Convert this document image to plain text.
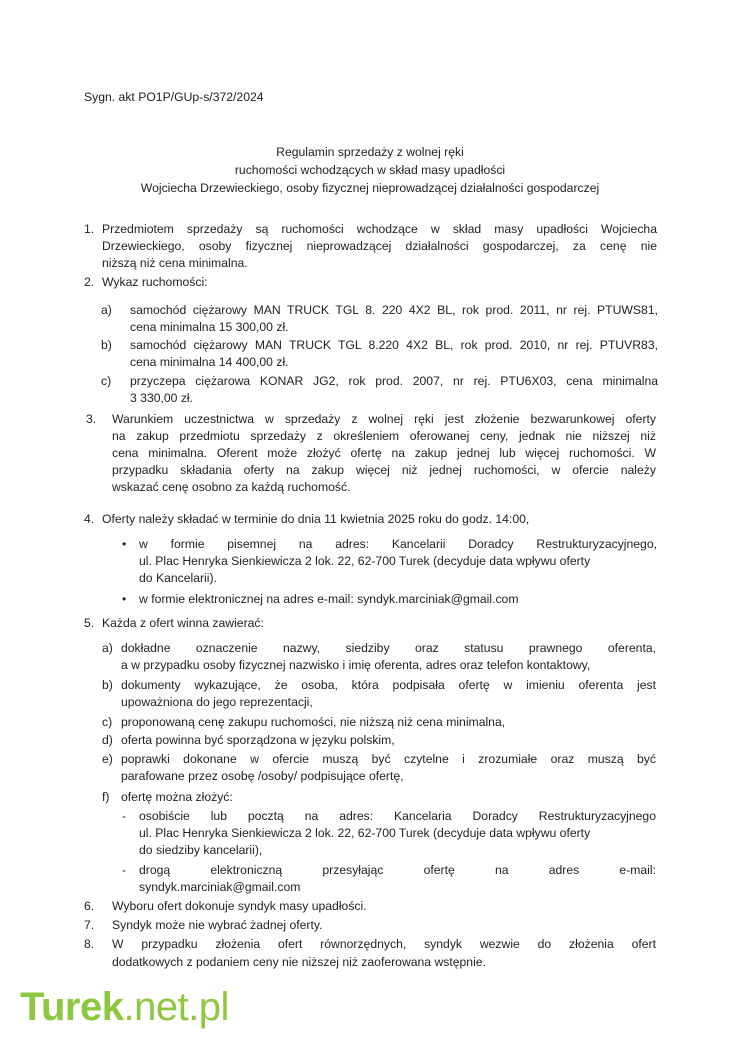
Sygn. akt PO1P/GUp-s/372/2024
Regulamin sprzedaży z wolnej ręki
ruchomości wchodzących w skład masy upadłości
Wojciecha Drzewieckiego, osoby fizycznej nieprowadzącej działalności gospodarczej
1. Przedmiotem sprzedaży są ruchomości wchodzące w skład masy upadłości Wojciecha
Drzewieckiego, osoby fizycznej nieprowadzącej działalności gospodarczej, za cenę nie
niższą niż cena minimalna.
2. Wykaz ruchomości:
a) samochód ciężarowy MAN TRUCK TGL 8. 220 4X2 BL, rok prod. 2011, nr rej. PTUWS81,
cena minimalna 15 300,00 zł.
b) samochód ciężarowy MAN TRUCK TGL 8.220 4X2 BL, rok prod. 2010, nr rej. PTUVR83,
cena minimalna 14 400,00 zł.
c) przyczepa ciężarowa KONAR JG2, rok prod. 2007, nr rej. PTU6X03, cena minimalna
3 330,00 zł.
3. Warunkiem uczestnictwa w sprzedaży z wolnej ręki jest złożenie bezwarunkowej oferty
na zakup przedmiotu sprzedaży z określeniem oferowanej ceny, jednak nie niższej niż
cena minimalna. Oferent może złożyć ofertę na zakup jednej lub więcej ruchomości. W
przypadku składania oferty na zakup więcej niż jednej ruchomości, w ofercie należy
wskazać cenę osobno za każdą ruchomość.
4. Oferty należy składać w terminie do dnia 11 kwietnia 2025 roku do godz. 14:00,
• w formie pisemnej na adres: Kancelarii Doradcy Restrukturyzacyjnego,
ul. Plac Henryka Sienkiewicza 2 lok. 22, 62-700 Turek (decyduje data wpływu oferty
do Kancelarii).
• w formie elektronicznej na adres e-mail: syndyk.marciniak@gmail.com
5. Każda z ofert winna zawierać:
a) dokładne oznaczenie nazwy, siedziby oraz statusu prawnego oferenta,
a w przypadku osoby fizycznej nazwisko i imię oferenta, adres oraz telefon kontaktowy,
b) dokumenty wykazujące, że osoba, która podpisała ofertę w imieniu oferenta jest
upoważniona do jego reprezentacji,
c) proponowaną cenę zakupu ruchomości, nie niższą niż cena minimalna,
d) oferta powinna być sporządzona w języku polskim,
e) poprawki dokonane w ofercie muszą być czytelne i zrozumiałe oraz muszą być
parafowane przez osobę /osoby/ podpisujące ofertę,
f) ofertę można złożyć:
- osobiście lub pocztą na adres: Kancelaria Doradcy Restrukturyzacyjnego
ul. Plac Henryka Sienkiewicza 2 lok. 22, 62-700 Turek (decyduje data wpływu oferty
do siedziby kancelarii),
- drogą elektroniczną przesyłając ofertę na adres e-mail:
syndyk.marciniak@gmail.com
6. Wyboru ofert dokonuje syndyk masy upadłości.
7. Syndyk może nie wybrać żadnej oferty.
8. W przypadku złożenia ofert równorzędnych, syndyk wezwie do złożenia ofert
dodatkowych z podaniem ceny nie niższej niż zaoferowana wstępnie.
Turek.net.pl
